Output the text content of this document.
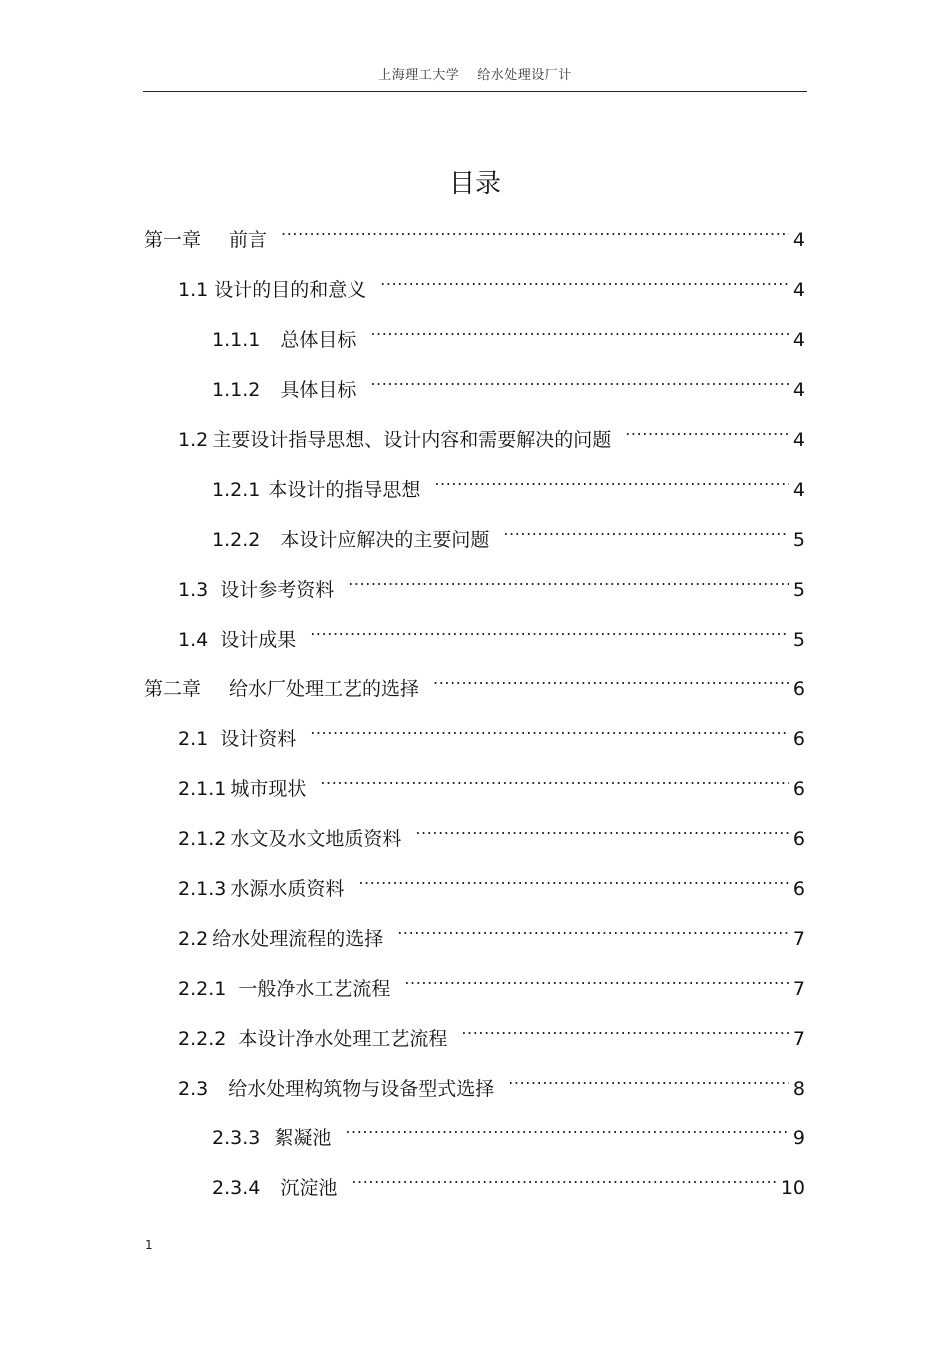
上海理工大学 给水处理设厂计
目录
第一章 前言 .....	4
1.1 设计的目的和意义 .....	4
1.1.1 总体目标 .....	4
1.1.2 具体目标 .....	4
1.2 主要设计指导思想、设计内容和需要解决的问题 .....	4
1.2.1 本设计的指导思想 .....	4
1.2.2 本设计应解决的主要问题 .....	5
1.3 设计参考资料 .....	5
1.4 设计成果 .....	5
第二章 给水厂处理工艺的选择 .....	6
2.1 设计资料 .....	6
2.1.1 城市现状 .....	6
2.1.2 水文及水文地质资料 .....	6
2.1.3 水源水质资料 .....	6
2.2 给水处理流程的选择 .....	7
2.2.1 一般净水工艺流程 .....	7
2.2.2 本设计净水处理工艺流程 .....	7
2.3 给水处理构筑物与设备型式选择 .....	8
2.3.3 絮凝池 .....	9
2.3.4 沉淀池 .....	10
1
